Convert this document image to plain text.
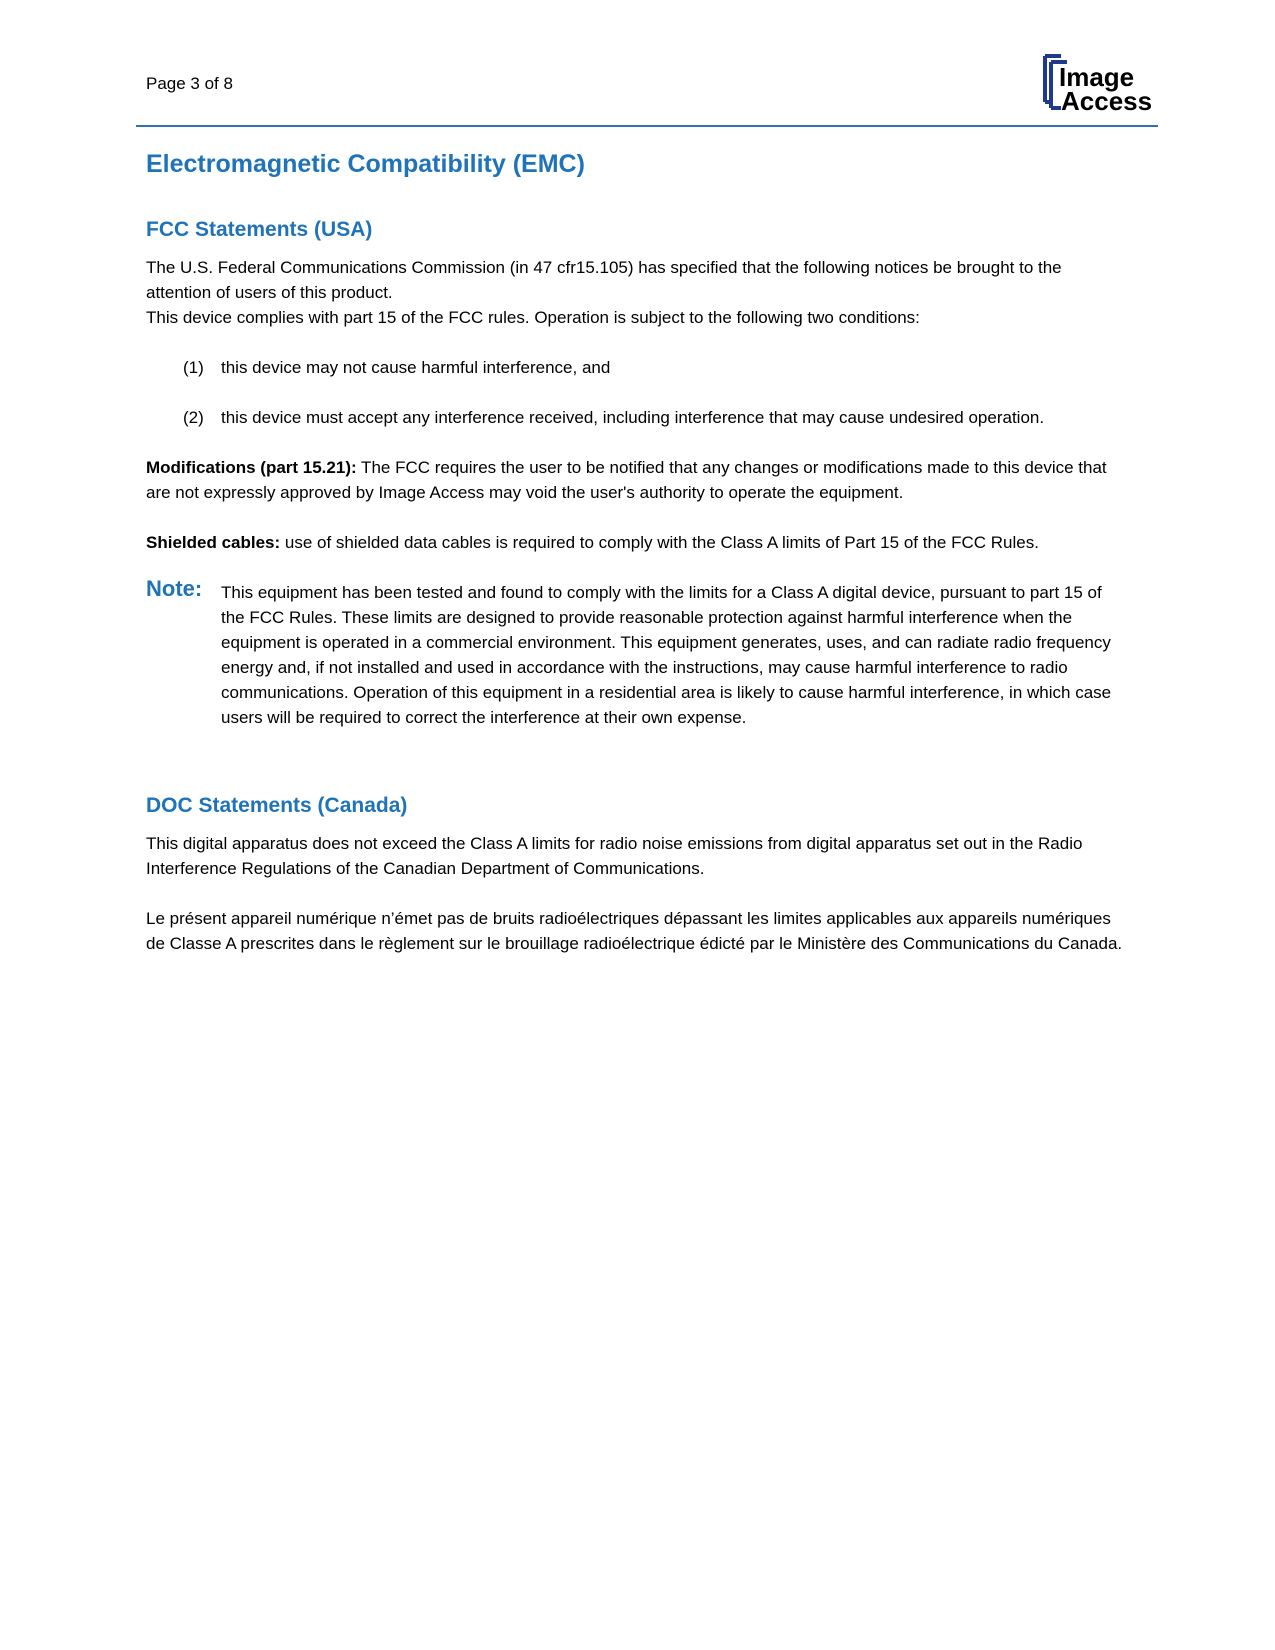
Page 3 of 8	Image
Access
Electromagnetic Compatibility (EMC)
FCC Statements (USA)

The U.S. Federal Communications Commission (in 47 cfr15.105) has specified that the following notices be brought to the attention of users of this product.

This device complies with part 15 of the FCC rules. Operation is subject to the following two conditions:

(1) this device may not cause harmful interference, and
(2) this device must accept any interference received, including interference that may cause undesired operation.

Modifications (part 15.21): The FCC requires the user to be notified that any changes or modifications made to this device that are not expressly approved by Image Access may void the user's authority to operate the equipment.

Shielded cables: use of shielded data cables is required to comply with the Class A limits of Part 15 of the FCC Rules.

Note: This equipment has been tested and found to comply with the limits for a Class A digital device, pursuant to part 15 of the FCC Rules. These limits are designed to provide reasonable protection against harmful interference when the equipment is operated in a commercial environment. This equipment generates, uses, and can radiate radio frequency energy and, if not installed and used in accordance with the instructions, may cause harmful interference to radio communications. Operation of this equipment in a residential area is likely to cause harmful interference, in which case users will be required to correct the interference at their own expense.

DOC Statements (Canada)

This digital apparatus does not exceed the Class A limits for radio noise emissions from digital apparatus set out in the Radio Interference Regulations of the Canadian Department of Communications.

Le présent appareil numérique n’émet pas de bruits radioélectriques dépassant les limites applicables aux appareils numériques de Classe A prescrites dans le règlement sur le brouillage radioélectrique édicté par le Ministère des Communications du Canada.
